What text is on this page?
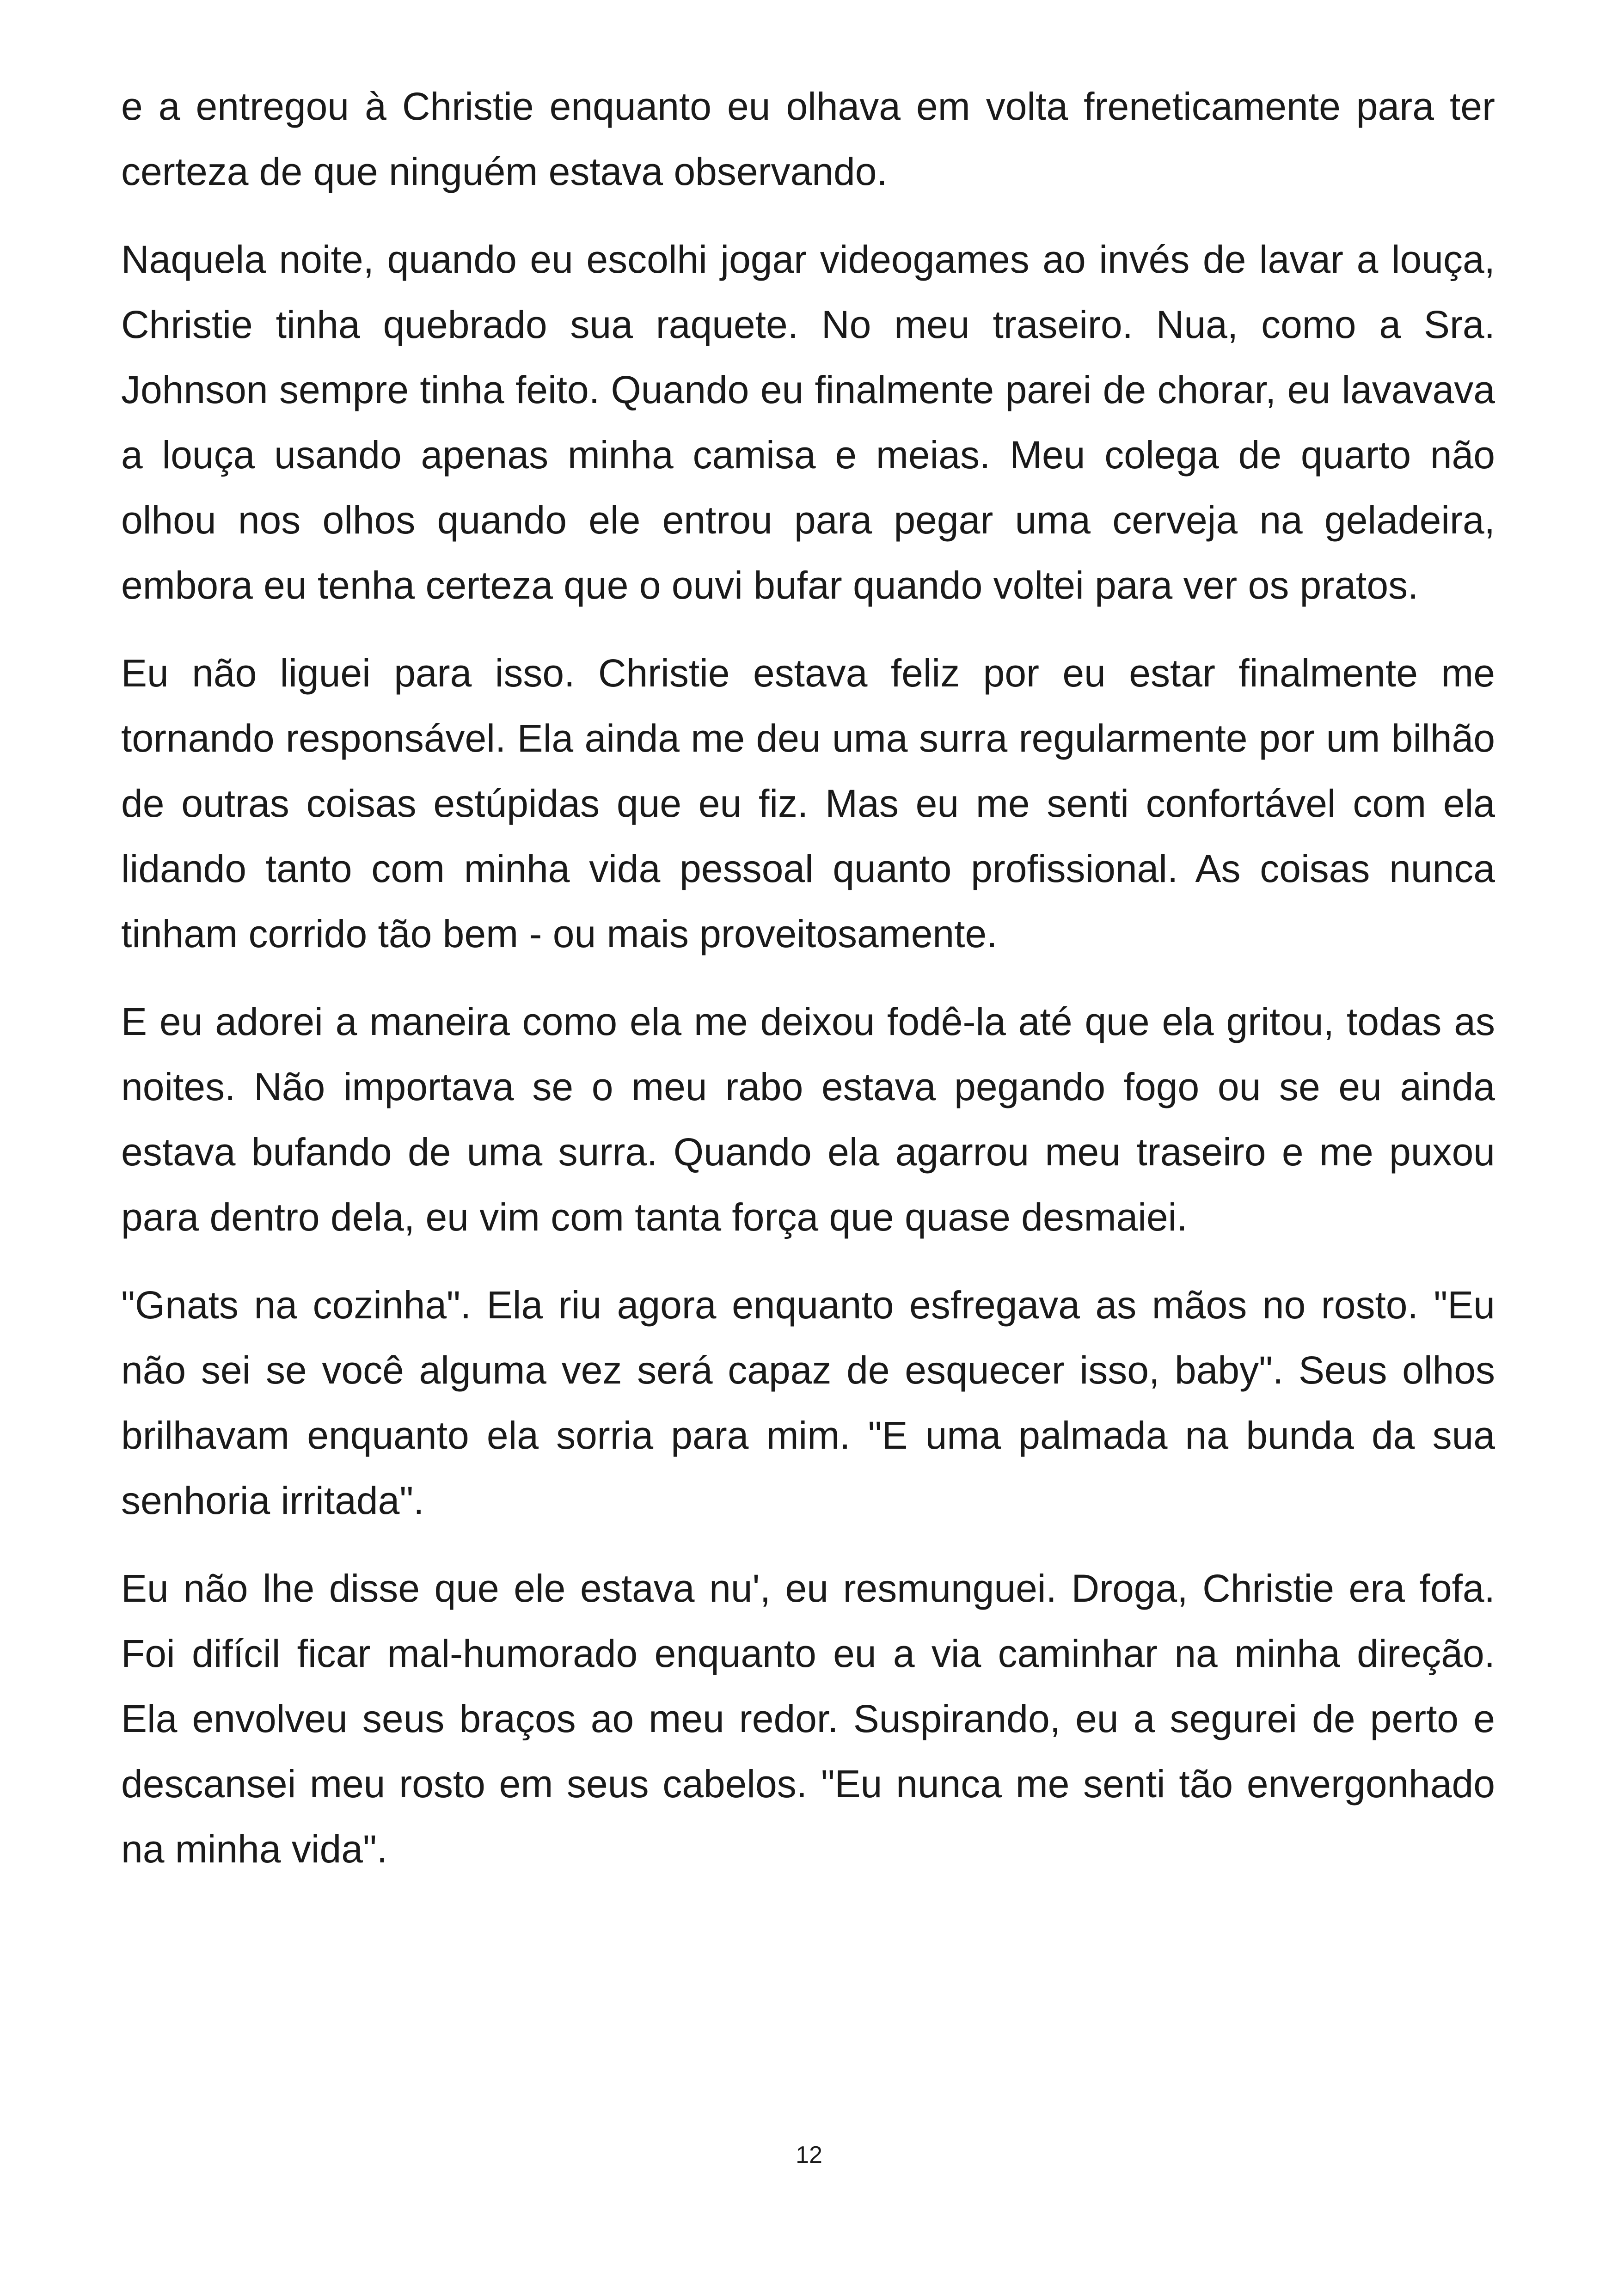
e a entregou à Christie enquanto eu olhava em volta freneticamente para ter certeza de que ninguém estava observando.

Naquela noite, quando eu escolhi jogar videogames ao invés de lavar a louça, Christie tinha quebrado sua raquete. No meu traseiro. Nua, como a Sra. Johnson sempre tinha feito. Quando eu finalmente parei de chorar, eu lavavava a louça usando apenas minha camisa e meias. Meu colega de quarto não olhou nos olhos quando ele entrou para pegar uma cerveja na geladeira, embora eu tenha certeza que o ouvi bufar quando voltei para ver os pratos.

Eu não liguei para isso. Christie estava feliz por eu estar finalmente me tornando responsável. Ela ainda me deu uma surra regularmente por um bilhão de outras coisas estúpidas que eu fiz. Mas eu me senti confortável com ela lidando tanto com minha vida pessoal quanto profissional. As coisas nunca tinham corrido tão bem - ou mais proveitosamente.

E eu adorei a maneira como ela me deixou fodê-la até que ela gritou, todas as noites. Não importava se o meu rabo estava pegando fogo ou se eu ainda estava bufando de uma surra. Quando ela agarrou meu traseiro e me puxou para dentro dela, eu vim com tanta força que quase desmaiei.

"Gnats na cozinha". Ela riu agora enquanto esfregava as mãos no rosto. "Eu não sei se você alguma vez será capaz de esquecer isso, baby". Seus olhos brilhavam enquanto ela sorria para mim. "E uma palmada na bunda da sua senhoria irritada".

Eu não lhe disse que ele estava nu', eu resmunguei. Droga, Christie era fofa. Foi difícil ficar mal-humorado enquanto eu a via caminhar na minha direção. Ela envolveu seus braços ao meu redor. Suspirando, eu a segurei de perto e descansei meu rosto em seus cabelos. "Eu nunca me senti tão envergonhado na minha vida".

12
